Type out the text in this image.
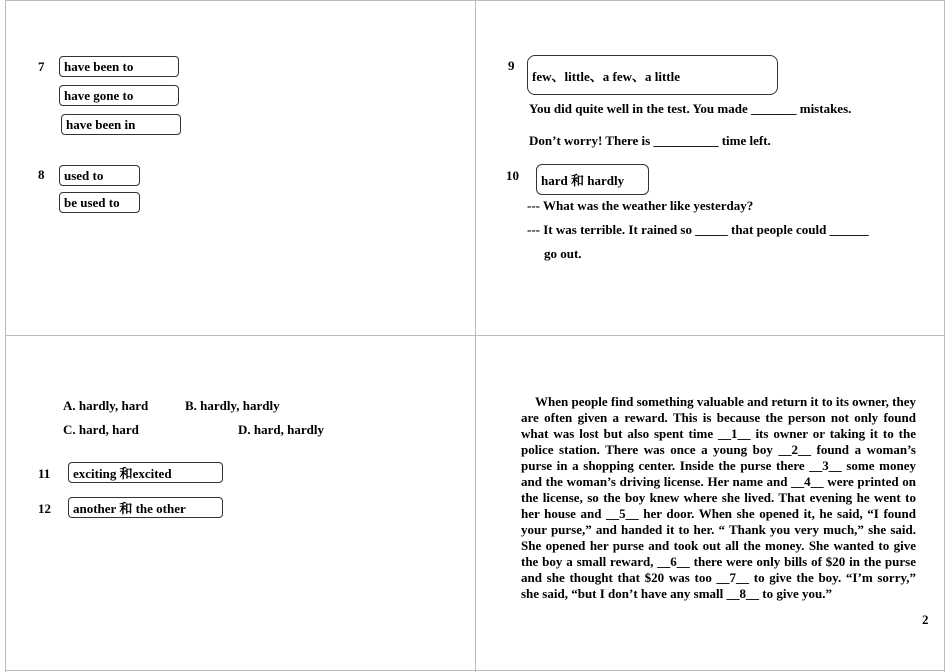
7	have been to
have gone to
have been in
8	used to
be used to
9
few、little、a few、a little
You did quite well in the test. You made _______ mistakes.
Don’t worry! There is __________ time left.
10	hard 和 hardly
--- What was the weather like yesterday?
--- It was terrible. It rained so _____ that people could ______
go out.
A. hardly, hard	B. hardly, hardly
C. hard, hard	D. hard, hardly
11	exciting 和excited
12	another 和 the other

When people find something valuable and return it to its owner, they are often given a reward. This is because the person not only found what was lost but also spent time __1__ its owner or taking it to the police station. There was once a young boy __2__ found a woman’s purse in a shopping center. Inside the purse there __3__ some money and the woman’s driving license. Her name and __4__ were printed on the license, so the boy knew where she lived. That evening he went to her house and __5__ her door. When she opened it, he said, “I found your purse,” and handed it to her. “ Thank you very much,” she said. She opened her purse and took out all the money. She wanted to give the boy a small reward, __6__ there were only bills of $20 in the purse and she thought that $20 was too __7__ to give the boy. “I’m sorry,” she said, “but I don’t have any small __8__ to give you.”

2
